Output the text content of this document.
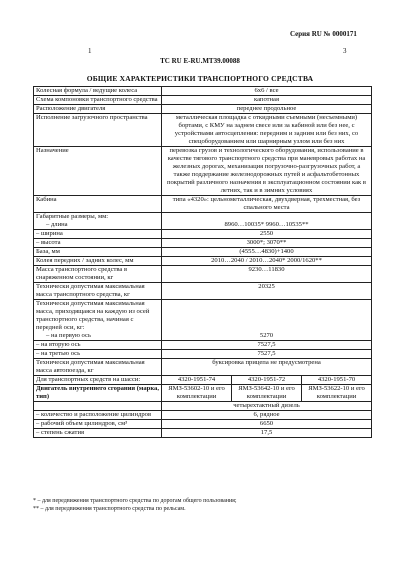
Серия RU № 0000171
1	3
ТС RU E-RU.MT39.00088
ОБЩИЕ ХАРАКТЕРИСТИКИ ТРАНСПОРТНОГО СРЕДСТВА
Колесная формула / ведущие колеса	6x6 / все		
Схема компоновки транспортного средства	капотная		
Расположение двигателя	переднее продольное		
Исполнение загрузочного пространства	металлическая площадка с откидными съемными (несъемными) бортами, с КМУ на заднем свесе или за кабиной или без нее, с устройствами автосцепления: передним и задним или без них, со спецоборудованием или шарнирным узлом или без них		
Назначение	перевозка грузов и технологического оборудования, использование в качестве тягового транспортного средства при маневровых работах на железных дорогах, механизация погрузочно-разгрузочных работ, а также поддержание железнодорожных путей и асфальтобетонных покрытий различного назначения в эксплуатационном состоянии как в летних, так и в зимних условиях		
Кабина	типа «4320»: цельнометаллическая, двухдверная, трехместная, без спального места		

Габаритные размеры, мм:
– длина	8960…10035* 9960…10535**		
– ширина	2550		
– высота	3000*; 3070**		
База, мм	(4555…4830)+1400		
Колея передних / задних колес, мм	2010…2040 / 2010…2040* 2000/1620**		
Масса транспортного средства в снаряженном состоянии, кг	9230…11830		
Технически допустимая максимальная масса транспортного средства, кг	20325		

Технически допустимая максимальная масса, приходящаяся на каждую из осей транспортного средства, начиная с передней оси, кг:
– на первую ось	5270		
– на вторую ось	7527,5		
– на третью ось	7527,5		
Технически допустимая максимальная масса автопоезда, кг	буксировка прицепа не предусмотрена		
Для транспортных средств на шасси:	4320-1951-74	4320-1951-72	4320-1951-70
Двигатель внутреннего сгорания (марка, тип)	ЯМЗ-53602-10 и его комплектации	ЯМЗ-53642-10 и его комплектации	ЯМЗ-53622-10 и его комплектации
	четырехтактный дизель		
– количество и расположение цилиндров	6, рядное		
– рабочий объем цилиндров, см³	6650		
– степень сжатия	17,5		
* – для передвижения транспортного средства по дорогам общего пользования;
** – для передвижения транспортного средства по рельсам.
